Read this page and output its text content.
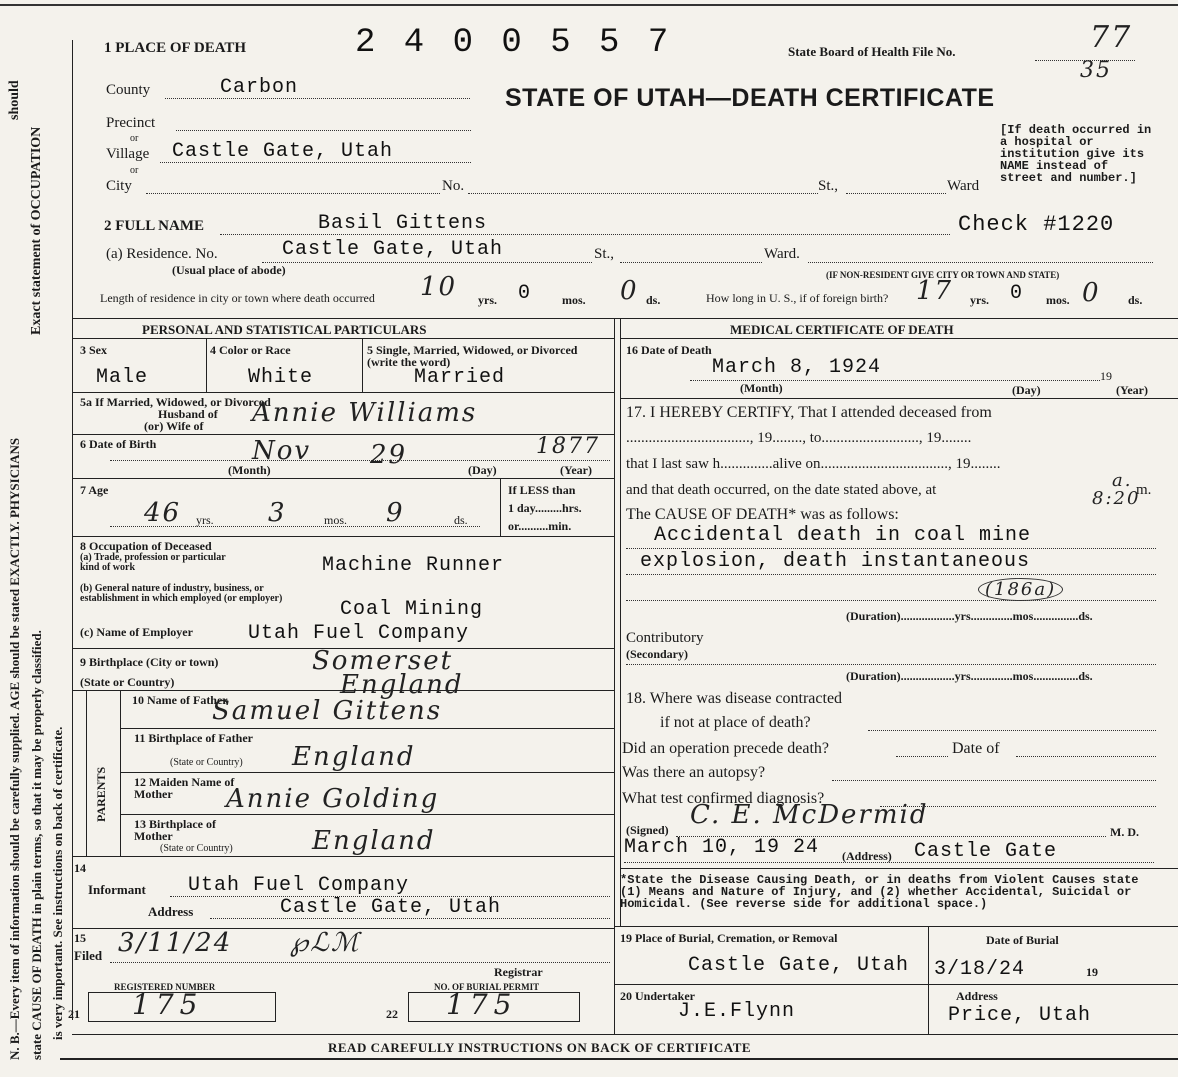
should
Exact statement of OCCUPATION
N. B.—Every item of information should be carefully supplied. AGE should be stated EXACTLY. PHYSICIANS state CAUSE OF DEATH in plain terms, so that it may be properly classified. is very important. See instructions on back of certificate.
1 PLACE OF DEATH	2 4 0 0 5 5 7	State Board of Health File No.	77
35
County	Carbon	STATE OF UTAH—DEATH CERTIFICATE
Precinct
or
Village Castle Gate, Utah
or
City	No.	St.,	Ward
[If death occurred in a hospital or institution give its NAME instead of street and number.]
2 FULL NAME	Basil Gittens	Check #1220
(a) Residence. No.	Castle Gate, Utah	St.,	Ward.
(Usual place of abode)	(IF NON-RESIDENT GIVE CITY OR TOWN AND STATE)
Length of residence in city or town where death occurred 10 yrs. 0	mos. 0 ds.	How long in U. S., if of foreign birth? 17 yrs. 0 mos. 0 ds.
PERSONAL AND STATISTICAL PARTICULARS
3 Sex
Male
4 Color or Race
White
5 Single, Married, Widowed, or Divorced (write the word)
Married
5a If Married, Widowed, or Divorced
Husband of
(or) Wife of Annie Williams
6 Date of Birth	Nov 29	1877
(Month)	(Day)	(Year)
7 Age
46 yrs. 3	mos. 9	ds.
If LESS than
1 day.........hrs.
or..........min.
8 Occupation of Deceased
(a) Trade, profession or particular kind of work	Machine Runner
(b) General nature of industry, business, or establishment in which employed (or employer)	Coal Mining
(c) Name of Employer	Utah Fuel Company
9 Birthplace (City or town)
(State or Country)
Somerset
England
PARENTS
10 Name of Father
Samuel Gittens
11 Birthplace of Father
(State or Country) England
12 Maiden Name of Mother	Annie Golding
13 Birthplace of Mother
(State or Country)	England
14
Informant Utah Fuel Company
Address	Castle Gate, Utah
15
Filed 3/11/24 ℘ℒℳ
Registrar
REGISTERED NUMBER
21 175
NO. OF BURIAL PERMIT
22 175
MEDICAL CERTIFICATE OF DEATH
16 Date of Death
March 8, 1924	19
(Month)	(Day)	(Year)
17. I HEREBY CERTIFY, That I attended deceased from
................................., 19........, to.........................., 19........
that I last saw h..............alive on.................................., 19........
and that death occurred, on the date stated above, at	8:20
a. m.
The CAUSE OF DEATH* was as follows:
Accidental death in coal mine
explosion, death instantaneous
(186a)
(Duration)..................yrs..............mos...............ds.
Contributory
(Secondary)
(Duration)..................yrs..............mos...............ds.
18. Where was disease contracted
if not at place of death?
Did an operation precede death?	Date of
Was there an autopsy?
What test confirmed diagnosis?
(Signed) C. E. McDermid
M. D.
March 10, 19 24 (Address) Castle Gate
*State the Disease Causing Death, or in deaths from Violent Causes state (1) Means and Nature of Injury, and (2) whether Accidental, Suicidal or Homicidal. (See reverse side for additional space.)
19 Place of Burial, Cremation, or Removal
Castle Gate, Utah
Date of Burial
3/18/24	19
20 Undertaker
J.E.Flynn
Address
Price, Utah
READ CAREFULLY INSTRUCTIONS ON BACK OF CERTIFICATE
